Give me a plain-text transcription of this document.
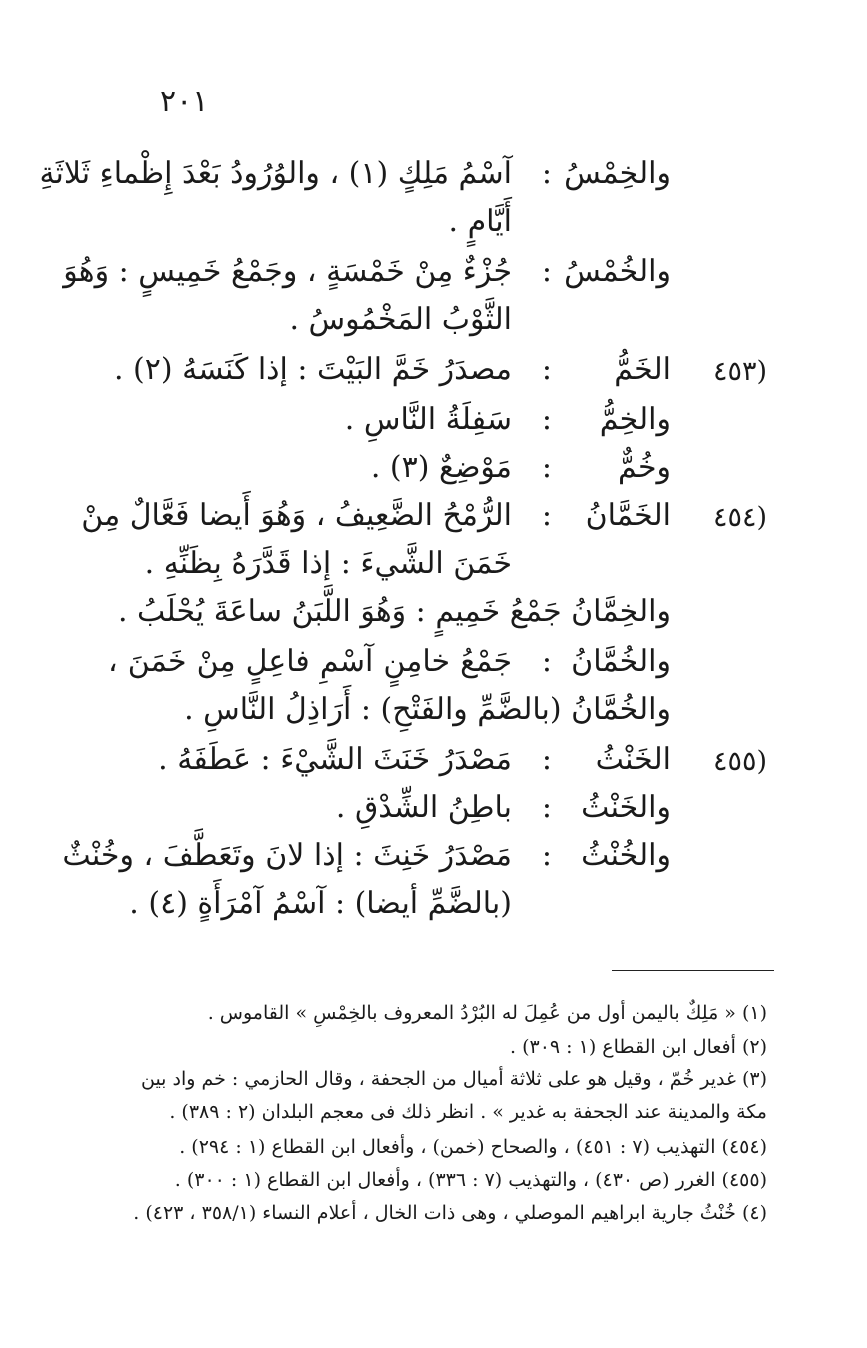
٢٠١
والخِمْسُ
:
آسْمُ مَلِكٍ (١) ، والوُرُودُ بَعْدَ إِظْماءِ ثَلاثَةِ
أَيَّامٍ .
والخُمْسُ
:
جُزْءٌ مِنْ خَمْسَةٍ ، وجَمْعُ خَمِيسٍ : وَهُوَ
الثَّوْبُ المَخْمُوسُ .
(٤٥٣
الخَمُّ
:
مصدَرُ خَمَّ البَيْتَ : إذا كَنَسَهُ (٢) .
والخِمُّ
:
سَفِلَةُ النَّاسِ .
وخُمٌّ
:
مَوْضِعٌ (٣) .
(٤٥٤
الخَمَّانُ
:
الرُّمْحُ الضَّعِيفُ ، وَهُوَ أَيضا فَعَّالٌ مِنْ
خَمَنَ الشَّيءَ : إذا قَدَّرَهُ بِظَنِّهِ .
والخِمَّانُ جَمْعُ خَمِيمٍ : وَهُوَ اللَّبَنُ ساعَةَ يُحْلَبُ .
والخُمَّانُ
:
جَمْعُ خامِنٍ آسْمِ فاعِلٍ مِنْ خَمَنَ ،
والخُمَّانُ (بالضَّمِّ والفَتْحِ) : أَرَاذِلُ النَّاسِ .
(٤٥٥
الخَنْثُ
:
مَصْدَرُ خَنَثَ الشَّيْءَ : عَطَفَهُ .
والخَنْثُ
:
باطِنُ الشِّدْقِ .
والخُنْثُ
:
مَصْدَرُ خَنِثَ : إذا لانَ وتَعَطَّفَ ، وخُنْثٌ
(بالضَّمِّ أيضا) : آسْمُ آمْرَأَةٍ (٤) .
(١) « مَلِكٌ باليمن أول من عُمِلَ له البُرْدُ المعروف بالخِمْسِ » القاموس .
(٢) أفعال ابن القطاع (١ : ٣٠٩) .
(٣) غدير خُمّ ، وقيل هو على ثلاثة أميال من الجحفة ، وقال الحازمي : خم واد بين
مكة والمدينة عند الجحفة به غدير » . انظر ذلك فى معجم البلدان (٢ : ٣٨٩) .
(٤٥٤) التهذيب (٧ : ٤٥١) ، والصحاح (خمن) ، وأفعال ابن القطاع (١ : ٢٩٤) .
(٤٥٥) الغرر (ص ٤٣٠) ، والتهذيب (٧ : ٣٣٦) ، وأفعال ابن القطاع (١ : ٣٠٠) .
(٤) خُنْثُ جارية ابراهيم الموصلي ، وهى ذات الخال ، أعلام النساء (٣٥٨/١ ، ٤٢٣) .
